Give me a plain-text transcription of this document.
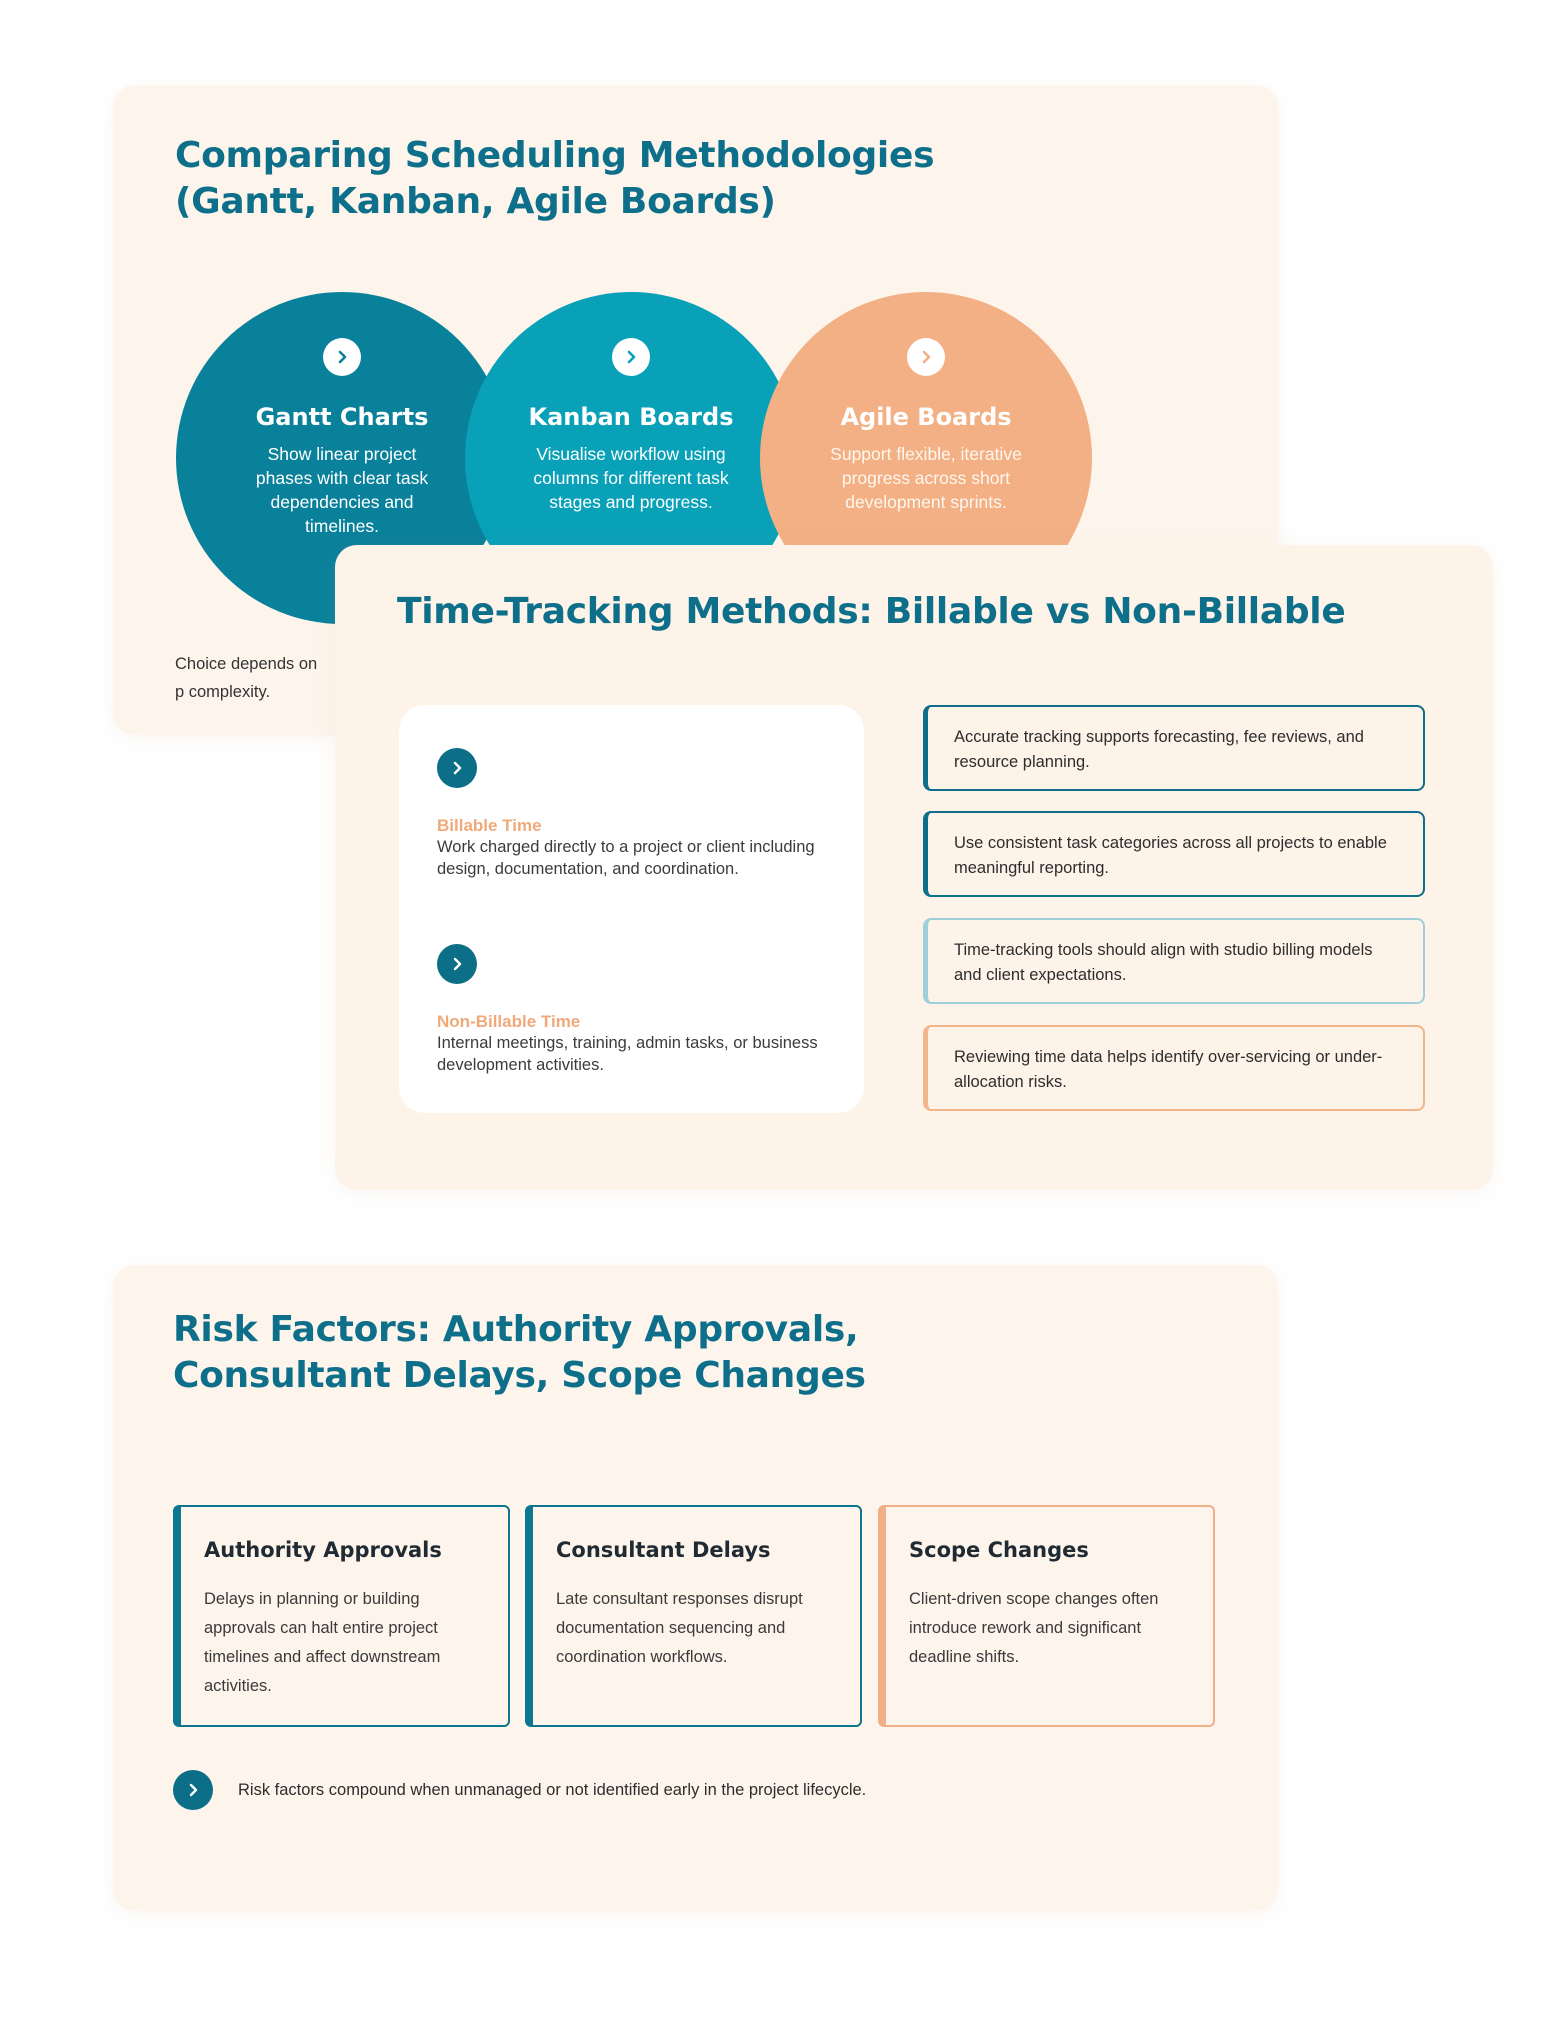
Comparing Scheduling Methodologies (Gantt, Kanban, Agile Boards)
Gantt Charts

Show linear project phases with clear task dependencies and timelines.

Kanban Boards

Visualise workflow using columns for different task stages and progress.

Agile Boards

Support flexible, iterative progress across short development sprints.

Choice depends on p complexity.
Time-Tracking Methods: Billable vs Non-Billable
Billable Time

Work charged directly to a project or client including design, documentation, and coordination.

Non-Billable Time

Internal meetings, training, admin tasks, or business development activities.

Accurate tracking supports forecasting, fee reviews, and resource planning.
Use consistent task categories across all projects to enable meaningful reporting.
Time-tracking tools should align with studio billing models and client expectations.
Reviewing time data helps identify over-servicing or under-allocation risks.
Risk Factors: Authority Approvals, Consultant Delays, Scope Changes
Authority Approvals

Delays in planning or building approvals can halt entire project timelines and affect downstream activities.

Consultant Delays

Late consultant responses disrupt documentation sequencing and coordination workflows.

Scope Changes

Client-driven scope changes often introduce rework and significant deadline shifts.

Risk factors compound when unmanaged or not identified early in the project lifecycle.
